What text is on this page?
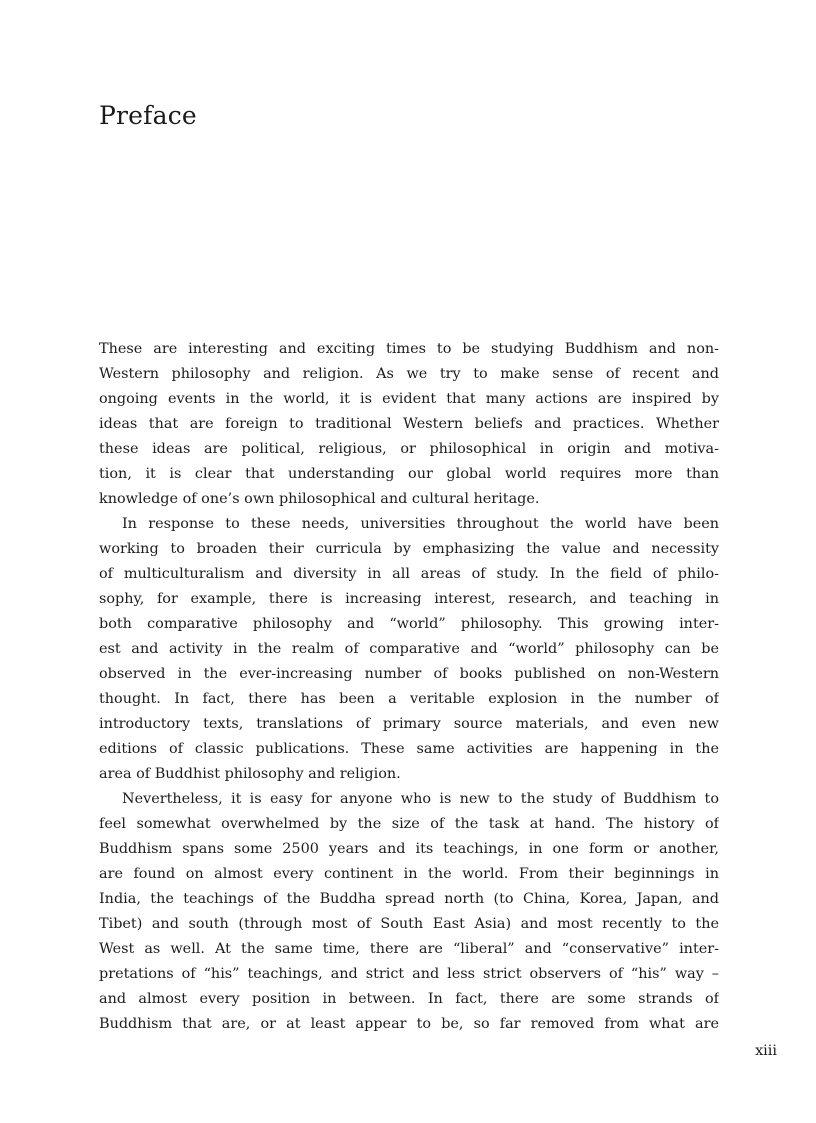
Preface

These are interesting and exciting times to be studying Buddhism and non-
Western philosophy and religion. As we try to make sense of recent and
ongoing events in the world, it is evident that many actions are inspired by
ideas that are foreign to traditional Western beliefs and practices. Whether
these ideas are political, religious, or philosophical in origin and motiva-
tion, it is clear that understanding our global world requires more than
knowledge of one’s own philosophical and cultural heritage.

In response to these needs, universities throughout the world have been
working to broaden their curricula by emphasizing the value and necessity
of multiculturalism and diversity in all areas of study. In the field of philo-
sophy, for example, there is increasing interest, research, and teaching in
both comparative philosophy and “world” philosophy. This growing inter-
est and activity in the realm of comparative and “world” philosophy can be
observed in the ever-increasing number of books published on non-Western
thought. In fact, there has been a veritable explosion in the number of
introductory texts, translations of primary source materials, and even new
editions of classic publications. These same activities are happening in the
area of Buddhist philosophy and religion.

Nevertheless, it is easy for anyone who is new to the study of Buddhism to
feel somewhat overwhelmed by the size of the task at hand. The history of
Buddhism spans some 2500 years and its teachings, in one form or another,
are found on almost every continent in the world. From their beginnings in
India, the teachings of the Buddha spread north (to China, Korea, Japan, and
Tibet) and south (through most of South East Asia) and most recently to the
West as well. At the same time, there are “liberal” and “conservative” inter-
pretations of “his” teachings, and strict and less strict observers of “his” way –
and almost every position in between. In fact, there are some strands of
Buddhism that are, or at least appear to be, so far removed from what are

xiii
